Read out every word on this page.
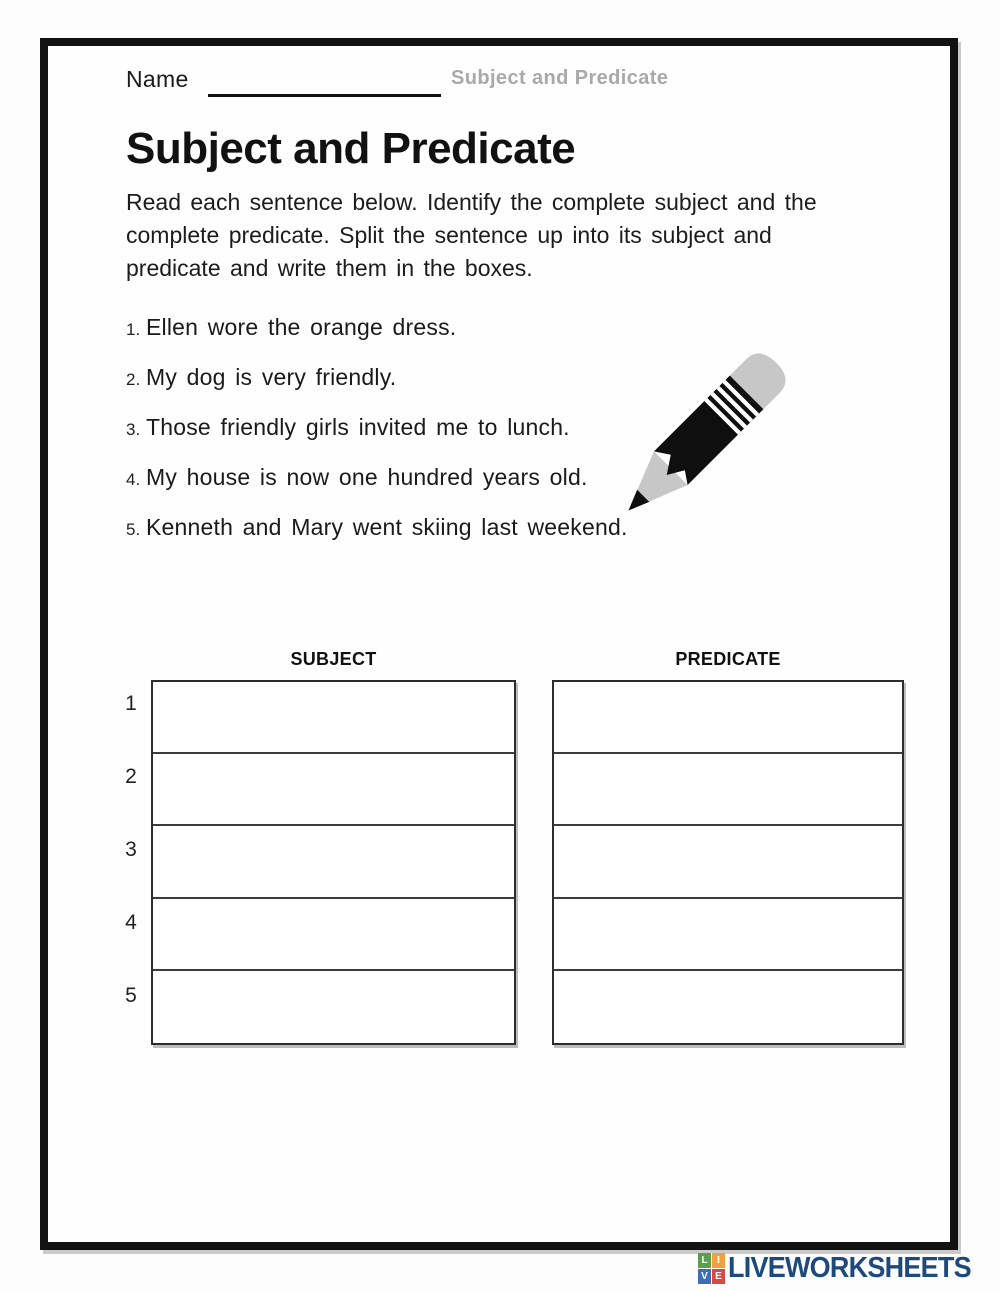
Name	Subject and Predicate
Subject and Predicate
Read each sentence below. Identify the complete subject and the
complete predicate. Split the sentence up into its subject and
predicate and write them in the boxes.
1. Ellen wore the orange dress.
2. My dog is very friendly.
3. Those friendly girls invited me to lunch.
4. My house is now one hundred years old.
5. Kenneth and Mary went skiing last weekend.
SUBJECT	PREDICATE
1
2
3
4
5
L I
V E LIVEWORKSHEETS
